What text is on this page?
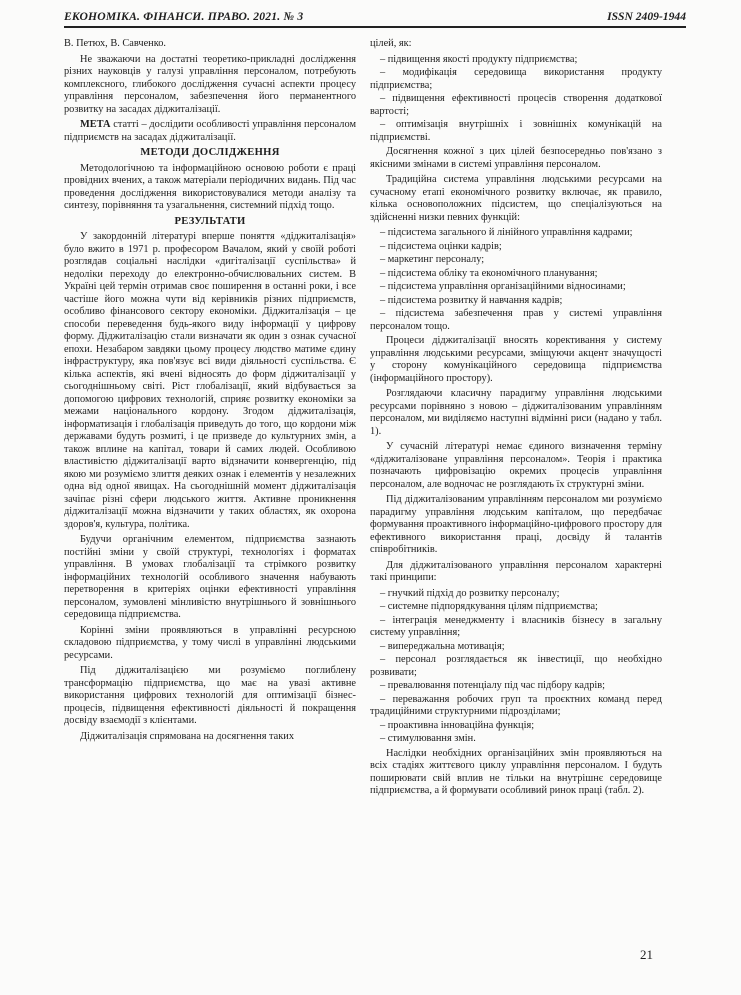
ЕКОНОМІКА. ФІНАНСИ. ПРАВО. 2021. № 3	ISSN 2409-1944

В. Петюх, В. Савченко.

Не зважаючи на достатні теоретико-прикладні дослідження різних науковців у галузі управління персоналом, потребують комплексного, глибокого дослідження сучасні аспекти процесу управління персоналом, забезпечення його перманентного розвитку на засадах діджиталізації.

МЕТА статті – дослідити особливості управління персоналом підприємств на засадах діджиталізації.

МЕТОДИ ДОСЛІДЖЕННЯ

Методологічною та інформаційною основою роботи є праці провідних вчених, а також матеріали періодичних видань. Під час проведення дослідження використовувалися методи аналізу та синтезу, порівняння та узагальнення, системний підхід тощо.

РЕЗУЛЬТАТИ

У закордонній літературі вперше поняття «діджиталізація» було вжито в 1971 р. професором Вачалом, який у своїй роботі розглядав соціальні наслідки «дигіталізації суспільства» й недоліки переходу до електронно-обчислювальних систем. В Україні цей термін отримав своє поширення в останні роки, і все частіше його можна чути від керівників різних підприємств, особливо фінансового сектору економіки. Діджиталізація – це способи переведення будь-якого виду інформації у цифрову форму. Діджиталізацію стали визначати як один з ознак сучасної епохи. Незабаром завдяки цьому процесу людство матиме єдину інфраструктуру, яка пов'язує всі види діяльності суспільства. Є кілька аспектів, які вчені відносять до форм діджиталізації у сьогоднішньому світі. Ріст глобалізації, який відбувається за допомогою цифрових технологій, сприяє розвитку економіки за межами національного кордону. Згодом діджиталізація, інформатизація і глобалізація приведуть до того, що кордони між державами будуть розмиті, і це призведе до культурних змін, а також вплине на капітал, товари й самих людей. Особливою властивістю діджиталізації варто відзначити конвергенцію, під якою ми розуміємо злиття деяких ознак і елементів у незалежних одна від одної явищах. На сьогоднішній момент діджиталізація зачіпає різні сфери людського життя. Активне проникнення діджиталізації можна відзначити у таких областях, як охорона здоров'я, культура, політика.

Будучи органічним елементом, підприємства зазнають постійні зміни у своїй структурі, технологіях і форматах управління. В умовах глобалізації та стрімкого розвитку інформаційних технологій особливого значення набувають перетворення в критеріях оцінки ефективності управління персоналом, зумовлені мінливістю внутрішнього й зовнішнього середовища підприємства.

Корінні зміни проявляються в управлінні ресурсною складовою підприємства, у тому числі в управлінні людськими ресурсами.

Під діджиталізацією ми розуміємо поглиблену трансформацію підприємства, що має на увазі активне використання цифрових технологій для оптимізації бізнес-процесів, підвищення ефективності діяльності й покращення досвіду взаємодії з клієнтами.

Діджиталізація спрямована на досягнення таких

цілей, як:

– підвищення якості продукту підприємства;

– модифікація середовища використання продукту підприємства;

– підвищення ефективності процесів створення додаткової вартості;

– оптимізація внутрішніх і зовнішніх комунікацій на підприємстві.

Досягнення кожної з цих цілей безпосередньо пов'язано з якісними змінами в системі управління персоналом.

Традиційна система управління людськими ресурсами на сучасному етапі економічного розвитку включає, як правило, кілька основоположних підсистем, що спеціалізуються на здійсненні низки певних функцій:

– підсистема загального й лінійного управління кадрами;

– підсистема оцінки кадрів;

– маркетинг персоналу;

– підсистема обліку та економічного планування;

– підсистема управління організаційними відносинами;

– підсистема розвитку й навчання кадрів;

– підсистема забезпечення прав у системі управління персоналом тощо.

Процеси діджиталізації вносять корективання у систему управління людськими ресурсами, зміщуючи акцент значущості у сторону комунікаційного середовища підприємства (інформаційного простору).

Розглядаючи класичну парадигму управління людськими ресурсами порівняно з новою – діджиталізованим управлінням персоналом, ми виділяємо наступні відмінні риси (надано у табл. 1).

У сучасній літературі немає єдиного визначення терміну «діджиталізоване управління персоналом». Теорія і практика позначають цифровізацію окремих процесів управління персоналом, але водночас не розглядають їх структурні зміни.

Під діджиталізованим управлінням персоналом ми розуміємо парадигму управління людським капіталом, що передбачає формування проактивного інформаційно-цифрового простору для ефективного використання праці, досвіду й талантів співробітників.

Для діджиталізованого управління персоналом характерні такі принципи:

– гнучкий підхід до розвитку персоналу;

– системне підпорядкування цілям підприємства;

– інтеграція менеджменту і власників бізнесу в загальну систему управління;

– випереджальна мотивація;

– персонал розглядається як інвестиції, що необхідно розвивати;

– превалювання потенціалу під час підбору кадрів;

– переважання робочих груп та проєктних команд перед традиційними структурними підрозділами;

– проактивна інноваційна функція;

– стимулювання змін.

Наслідки необхідних організаційних змін проявляються на всіх стадіях життєвого циклу управління персоналом. І будуть поширювати свій вплив не тільки на внутрішнє середовище підприємства, а й формувати особливий ринок праці (табл. 2).

21
